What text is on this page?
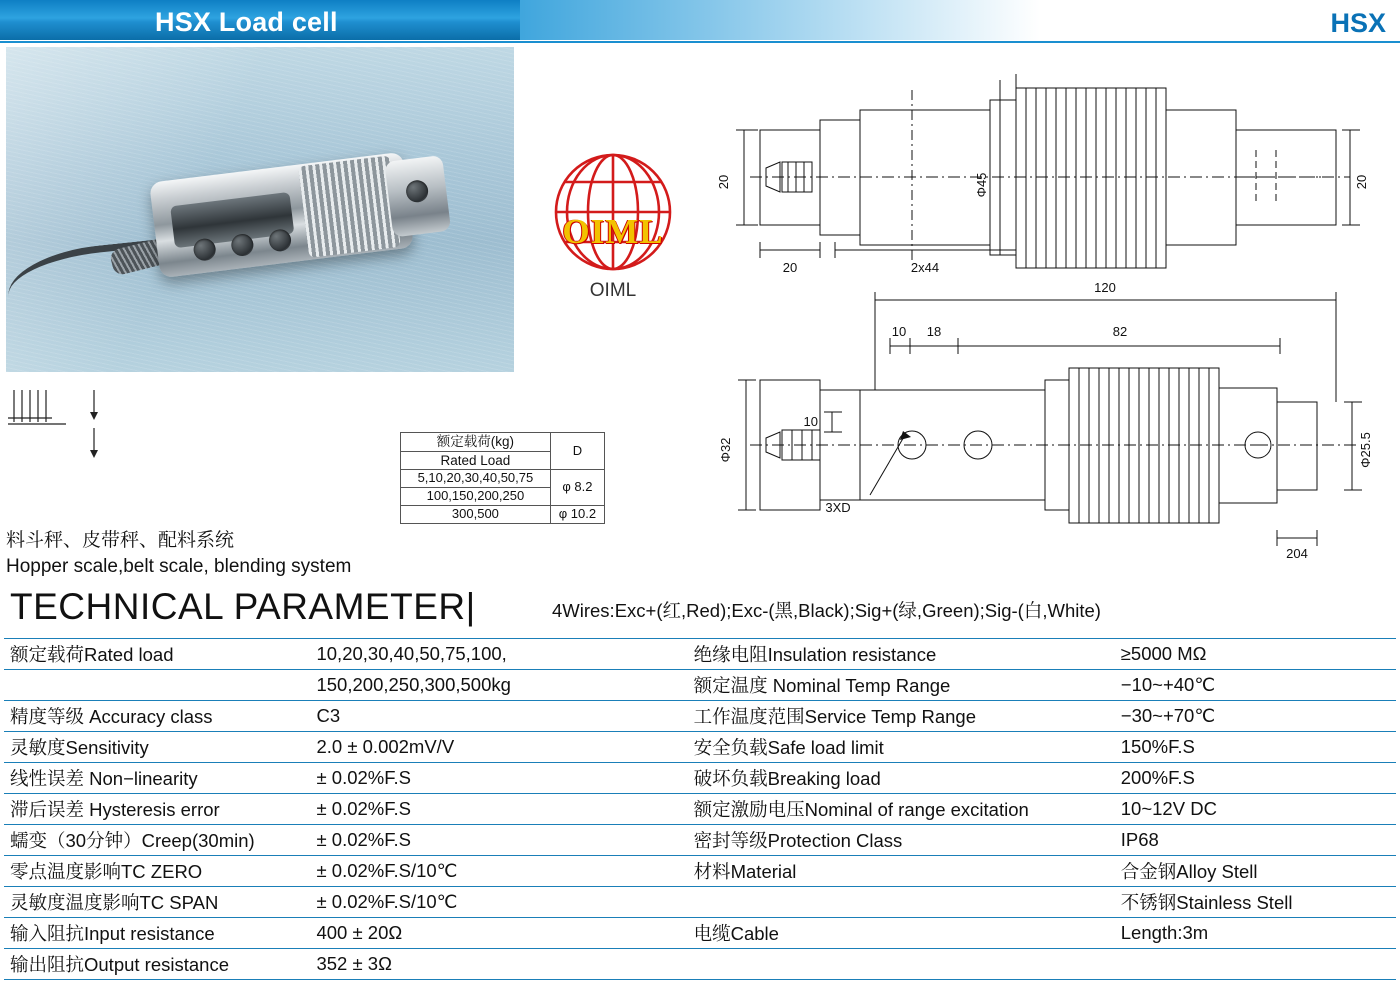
HSX Load cell	HSX
OIML
OIML
额定载荷(kg)	D
Rated Load	
5,10,20,30,40,50,75	φ 8.2
100,150,200,250	
300,500	φ 10.2
料斗秤、皮带秤、配料系统
Hopper scale,belt scale, blending system
TECHNICAL PARAMETER|	4Wires:Exc+(红,Red);Exc-(黑,Black);Sig+(绿,Green);Sig-(白,White)
额定载荷Rated load	10,20,30,40,50,75,100,	绝缘电阻Insulation resistance	≥5000 MΩ
	150,200,250,300,500kg	额定温度 Nominal Temp Range	−10~+40℃
精度等级 Accuracy class	C3	工作温度范围Service Temp Range	−30~+70℃
灵敏度Sensitivity	2.0 ± 0.002mV/V	安全负载Safe load limit	150%F.S
线性误差 Non−linearity	± 0.02%F.S	破坏负载Breaking load	200%F.S
滞后误差 Hysteresis error	± 0.02%F.S	额定激励电压Nominal of range excitation	10~12V DC
蠕变（30分钟）Creep(30min)	± 0.02%F.S	密封等级Protection Class	IP68
零点温度影响TC ZERO	± 0.02%F.S/10℃	材料Material	合金钢Alloy Stell
灵敏度温度影响TC SPAN	± 0.02%F.S/10℃		不锈钢Stainless Stell
输入阻抗Input resistance	400 ± 20Ω	电缆Cable	Length:3m
输出阻抗Output resistance	352 ± 3Ω		
20
20	2x44
Φ45	20
120
10 18	82
Φ32
10
Φ25.5
204
3XD
